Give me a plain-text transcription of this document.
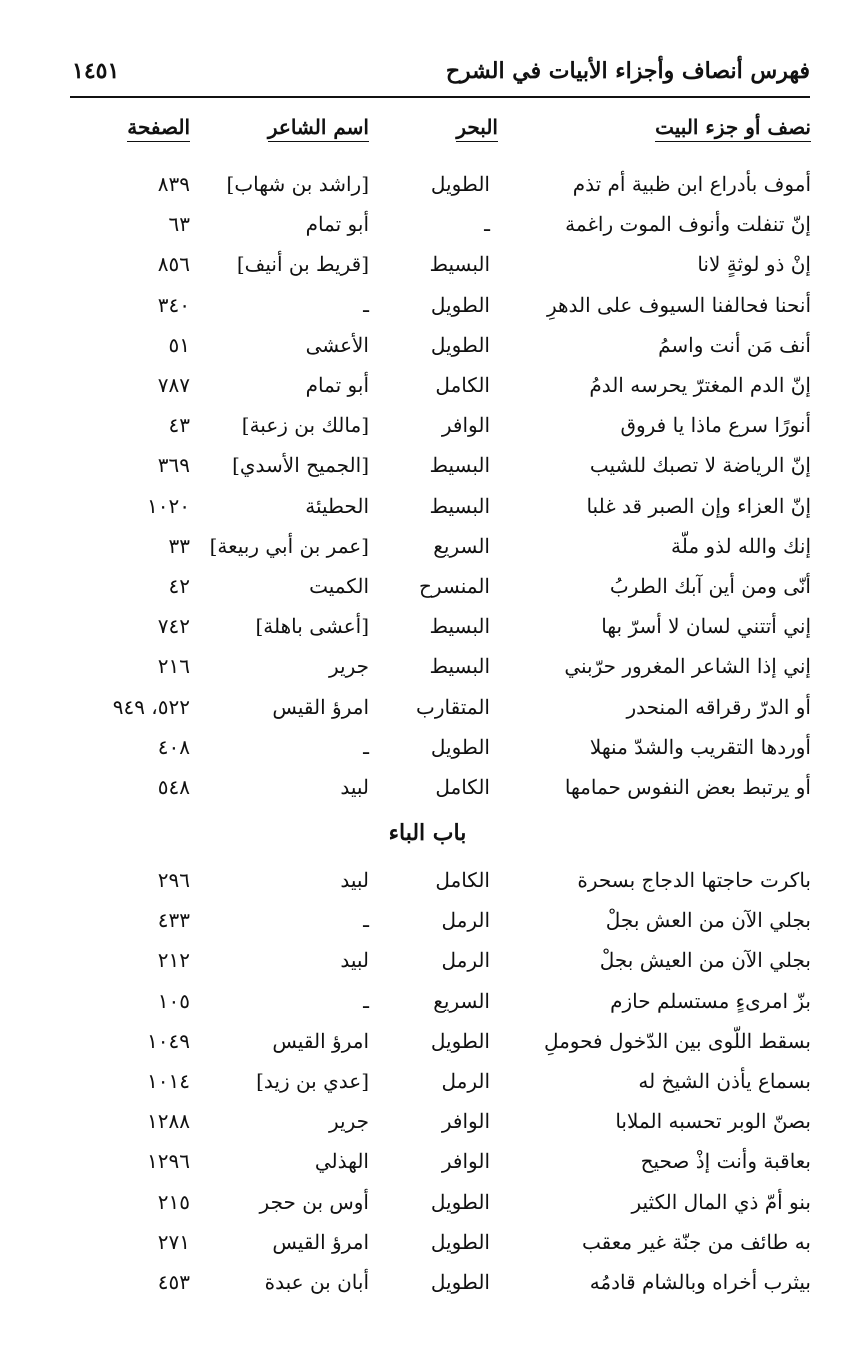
فهرس أنصاف وأجزاء الأبيات في الشرح
١٤٥١
نصف أو جزء البيت
البحر
اسم الشاعر
الصفحة
أموف بأدراع ابن ظبية أم تذم
الطويل
[راشد بن شهاب]
٨٣٩
إنّ تنفلت وأنوف الموت راغمة
ـ
أبو تمام
٦٣
إنْ ذو لوثةٍ لانا
البسيط
[قريط بن أنيف]
٨٥٦
أنحنا فحالفنا السيوف على الدهرِ
الطويل
ـ
٣٤٠
أنف مَن أنت واسمُ
الطويل
الأعشى
٥١
إنّ الدم المغترّ يحرسه الدمُ
الكامل
أبو تمام
٧٨٧
أنورًا سرع ماذا يا فروق
الوافر
[مالك بن زعبة]
٤٣
إنّ الرياضة لا تصبك للشيب
البسيط
[الجميح الأسدي]
٣٦٩
إنّ العزاء وإن الصبر قد غلبا
البسيط
الحطيئة
١٠٢٠
إنك والله لذو ملّة
السريع
[عمر بن أبي ربيعة]
٣٣
أنّى ومن أين آبك الطربُ
المنسرح
الكميت
٤٢
إني أتتني لسان لا أسرّ بها
البسيط
[أعشى باهلة]
٧٤٢
إني إذا الشاعر المغرور حرّبني
البسيط
جرير
٢١٦
أو الدرّ رقراقه المنحدر
المتقارب
امرؤ القيس
٥٢٢، ٩٤٩
أوردها التقريب والشدّ منهلا
الطويل
ـ
٤٠٨
أو يرتبط بعض النفوس حمامها
الكامل
لبيد
٥٤٨
باكرت حاجتها الدجاج بسحرة
الكامل
لبيد
٢٩٦
بجلي الآن من العش بجلْ
الرمل
ـ
٤٣٣
بجلي الآن من العيش بجلْ
الرمل
لبيد
٢١٢
بزّ امرىءٍ مستسلم حازم
السريع
ـ
١٠٥
بسقط اللّوى بين الدّخول فحوملِ
الطويل
امرؤ القيس
١٠٤٩
بسماع يأذن الشيخ له
الرمل
[عدي بن زيد]
١٠١٤
بصنّ الوبر تحسبه الملابا
الوافر
جرير
١٢٨٨
بعاقبة وأنت إذْ صحيح
الوافر
الهذلي
١٢٩٦
بنو أمّ ذي المال الكثير
الطويل
أوس بن حجر
٢١٥
به طائف من جنّة غير معقب
الطويل
امرؤ القيس
٢٧١
بيثرب أخراه وبالشام قادمُه
الطويل
أبان بن عبدة
٤٥٣
باب الباء
